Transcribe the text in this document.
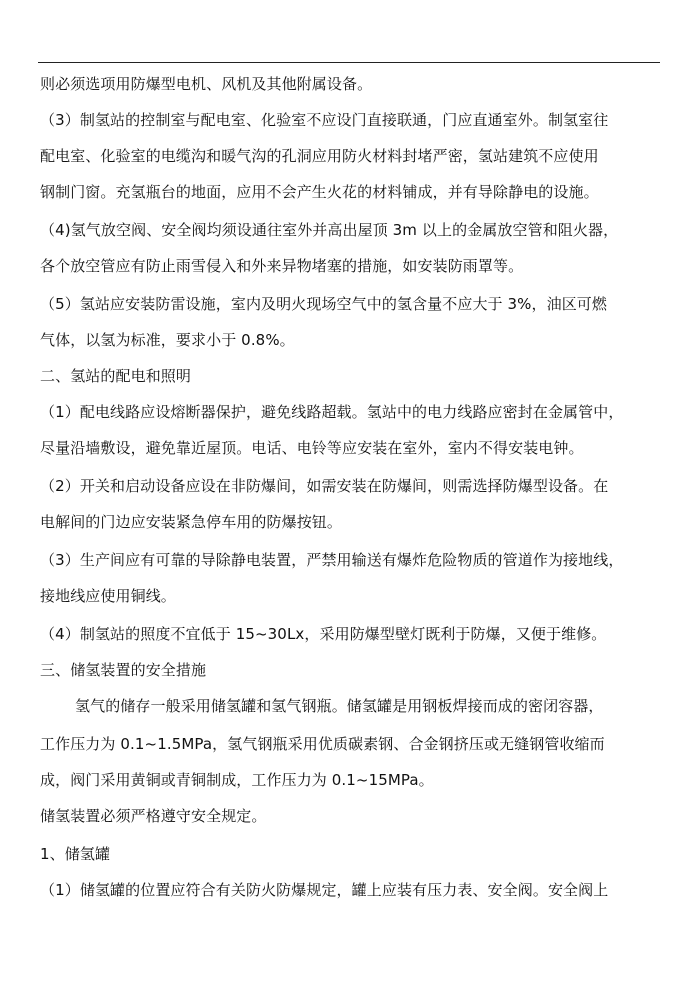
则必须选项用防爆型电机、风机及其他附属设备。
（3）制氢站的控制室与配电室、化验室不应设门直接联通，门应直通室外。制氢室往
配电室、化验室的电缆沟和暖气沟的孔洞应用防火材料封堵严密，氢站建筑不应使用
钢制门窗。充氢瓶台的地面，应用不会产生火花的材料铺成，并有导除静电的设施。
（4)氢气放空阀、安全阀均须设通往室外并高出屋顶 3m 以上的金属放空管和阻火器，
各个放空管应有防止雨雪侵入和外来异物堵塞的措施，如安装防雨罩等。
（5）氢站应安装防雷设施，室内及明火现场空气中的氢含量不应大于 3%，油区可燃
气体，以氢为标准，要求小于 0.8%。
二、氢站的配电和照明
（1）配电线路应设熔断器保护，避免线路超载。氢站中的电力线路应密封在金属管中，
尽量沿墙敷设，避免靠近屋顶。电话、电铃等应安装在室外，室内不得安装电钟。
（2）开关和启动设备应设在非防爆间，如需安装在防爆间，则需选择防爆型设备。在
电解间的门边应安装紧急停车用的防爆按钮。
（3）生产间应有可靠的导除静电装置，严禁用输送有爆炸危险物质的管道作为接地线，
接地线应使用铜线。
（4）制氢站的照度不宜低于 15~30Lx，采用防爆型壁灯既利于防爆，又便于维修。
三、储氢装置的安全措施
氢气的储存一般采用储氢罐和氢气钢瓶。储氢罐是用钢板焊接而成的密闭容器，
工作压力为 0.1~1.5MPa，氢气钢瓶采用优质碳素钢、合金钢挤压或无缝钢管收缩而
成，阀门采用黄铜或青铜制成，工作压力为 0.1~15MPa。
储氢装置必须严格遵守安全规定。
1、储氢罐
（1）储氢罐的位置应符合有关防火防爆规定，罐上应装有压力表、安全阀。安全阀上
